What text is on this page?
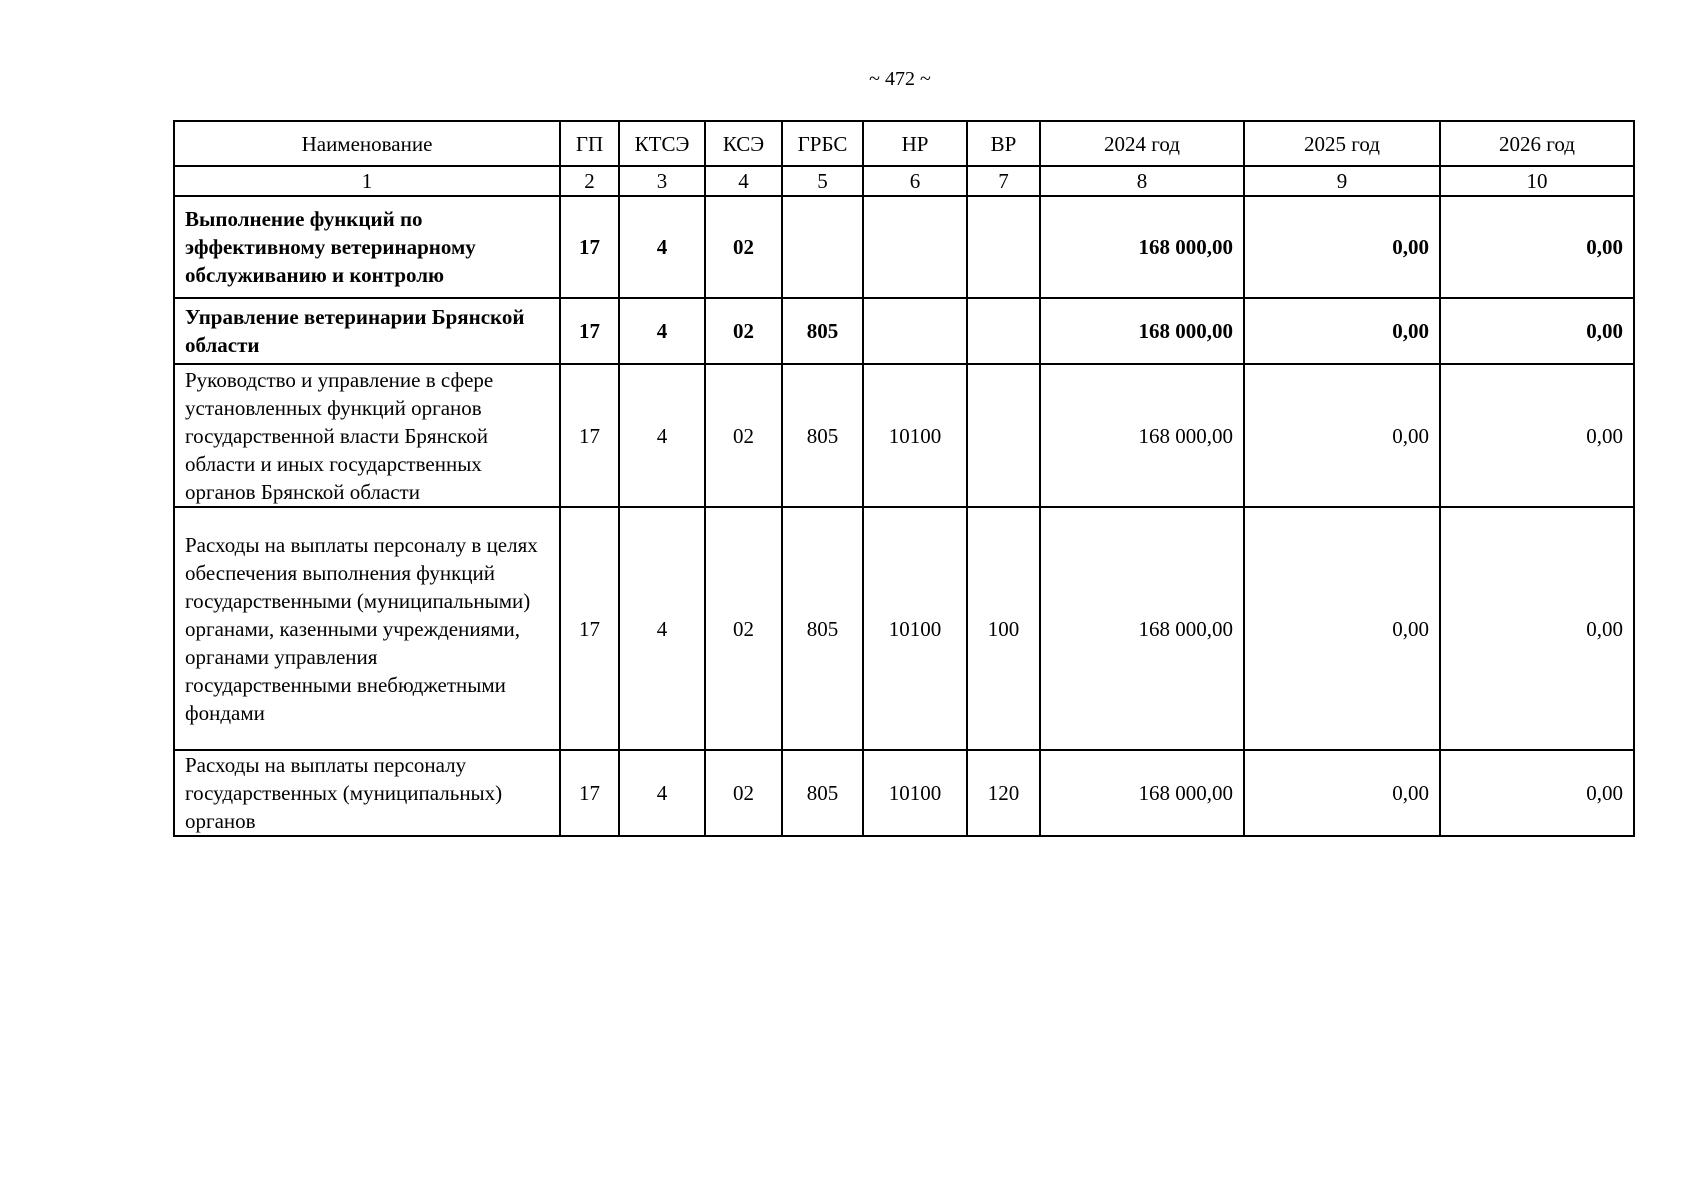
~ 472 ~
Наименование	ГП	КТСЭ	КСЭ	ГРБС	НР	ВР	2024 год	2025 год	2026 год
1	2	3	4	5	6	7	8	9	10
Выполнение функций по эффективному ветеринарному обслуживанию и контролю	17	4	02				168 000,00	0,00	0,00
Управление ветеринарии Брянской области	17	4	02	805			168 000,00	0,00	0,00
Руководство и управление в сфере установленных функций органов государственной власти Брянской области и иных государственных органов Брянской области	17	4	02	805	10100		168 000,00	0,00	0,00
Расходы на выплаты персоналу в целях обеспечения выполнения функций государственными (муниципальными) органами, казенными учреждениями, органами управления государственными внебюджетными фондами	17	4	02	805	10100	100	168 000,00	0,00	0,00
Расходы на выплаты персоналу государственных (муниципальных) органов	17	4	02	805	10100	120	168 000,00	0,00	0,00
